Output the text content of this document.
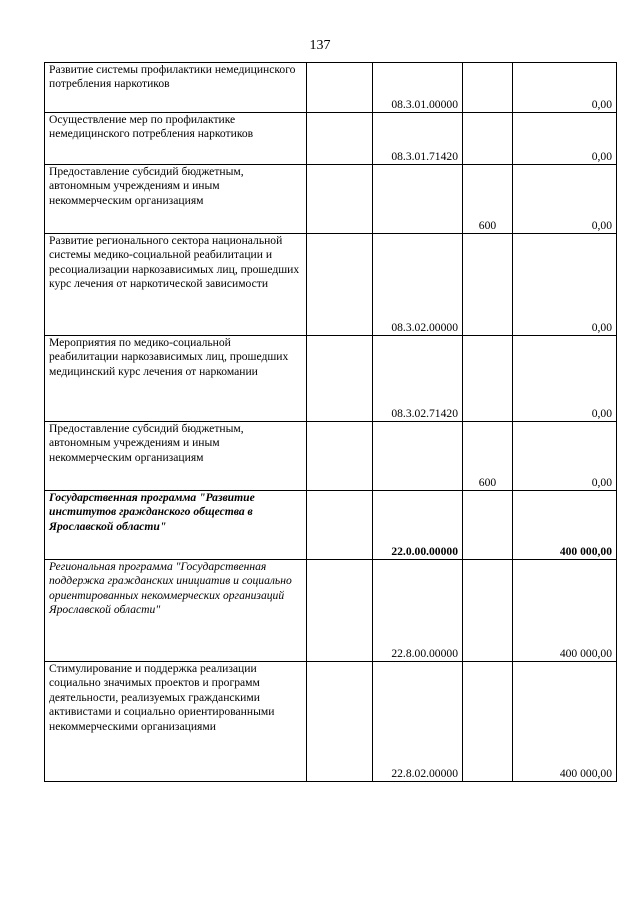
137
Развитие системы профилактики немедицинского потребления наркотиков		08.3.01.00000		0,00
Осуществление мер по профилактике немедицинского потребления наркотиков		08.3.01.71420		0,00
Предоставление субсидий бюджетным, автономным учреждениям и иным некоммерческим организациям			600	0,00
Развитие регионального сектора национальной системы медико-социальной реабилитации и ресоциализации наркозависимых лиц, прошедших курс лечения от наркотической зависимости		08.3.02.00000		0,00
Мероприятия по медико-социальной реабилитации наркозависимых лиц, прошедших медицинский курс лечения от наркомании		08.3.02.71420		0,00
Предоставление субсидий бюджетным, автономным учреждениям и иным некоммерческим организациям			600	0,00
Государственная программа "Развитие институтов гражданского общества в Ярославской области"		22.0.00.00000		400 000,00
Региональная программа "Государственная поддержка гражданских инициатив и социально ориентированных некоммерческих организаций Ярославской области"		22.8.00.00000		400 000,00
Стимулирование и поддержка реализации социально значимых проектов и программ деятельности, реализуемых гражданскими активистами и социально ориентированными некоммерческими организациями		22.8.02.00000		400 000,00
